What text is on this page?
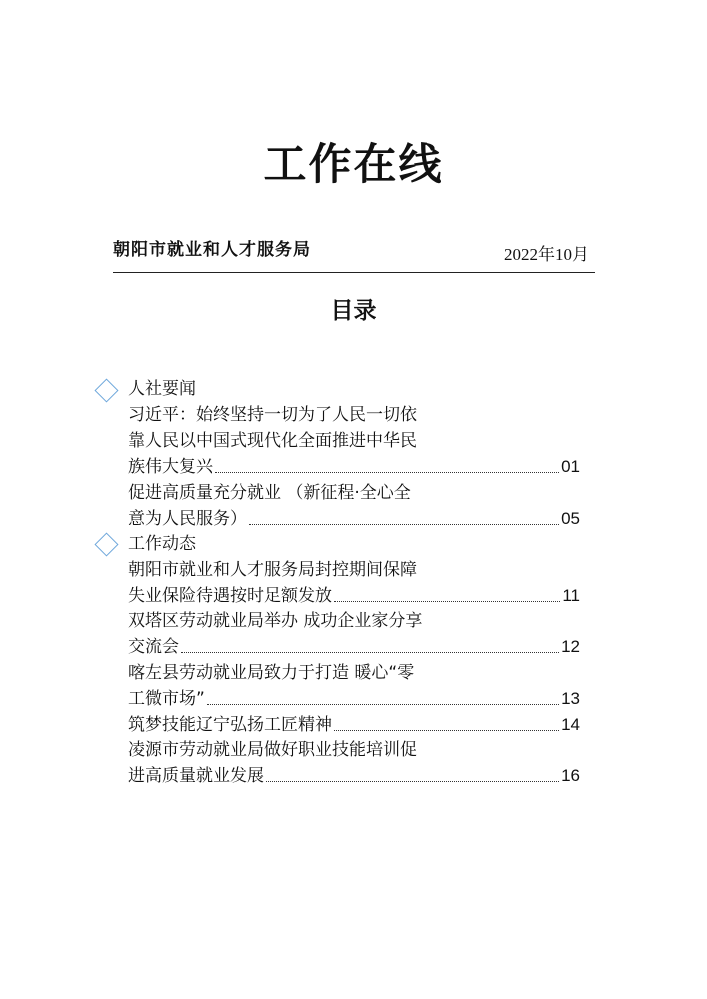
工作在线
朝阳市就业和人才服务局	2022年10月
目录
人社要闻
习近平：始终坚持一切为了人民一切依
靠人民以中国式现代化全面推进中华民
族伟大复兴	01
促进高质量充分就业 （新征程·全心全
意为人民服务）	05
工作动态
朝阳市就业和人才服务局封控期间保障
失业保险待遇按时足额发放	11
双塔区劳动就业局举办 成功企业家分享
交流会	12
喀左县劳动就业局致力于打造 暖心“零
工微市场”	13
筑梦技能辽宁弘扬工匠精神	14
凌源市劳动就业局做好职业技能培训促
进高质量就业发展	16
